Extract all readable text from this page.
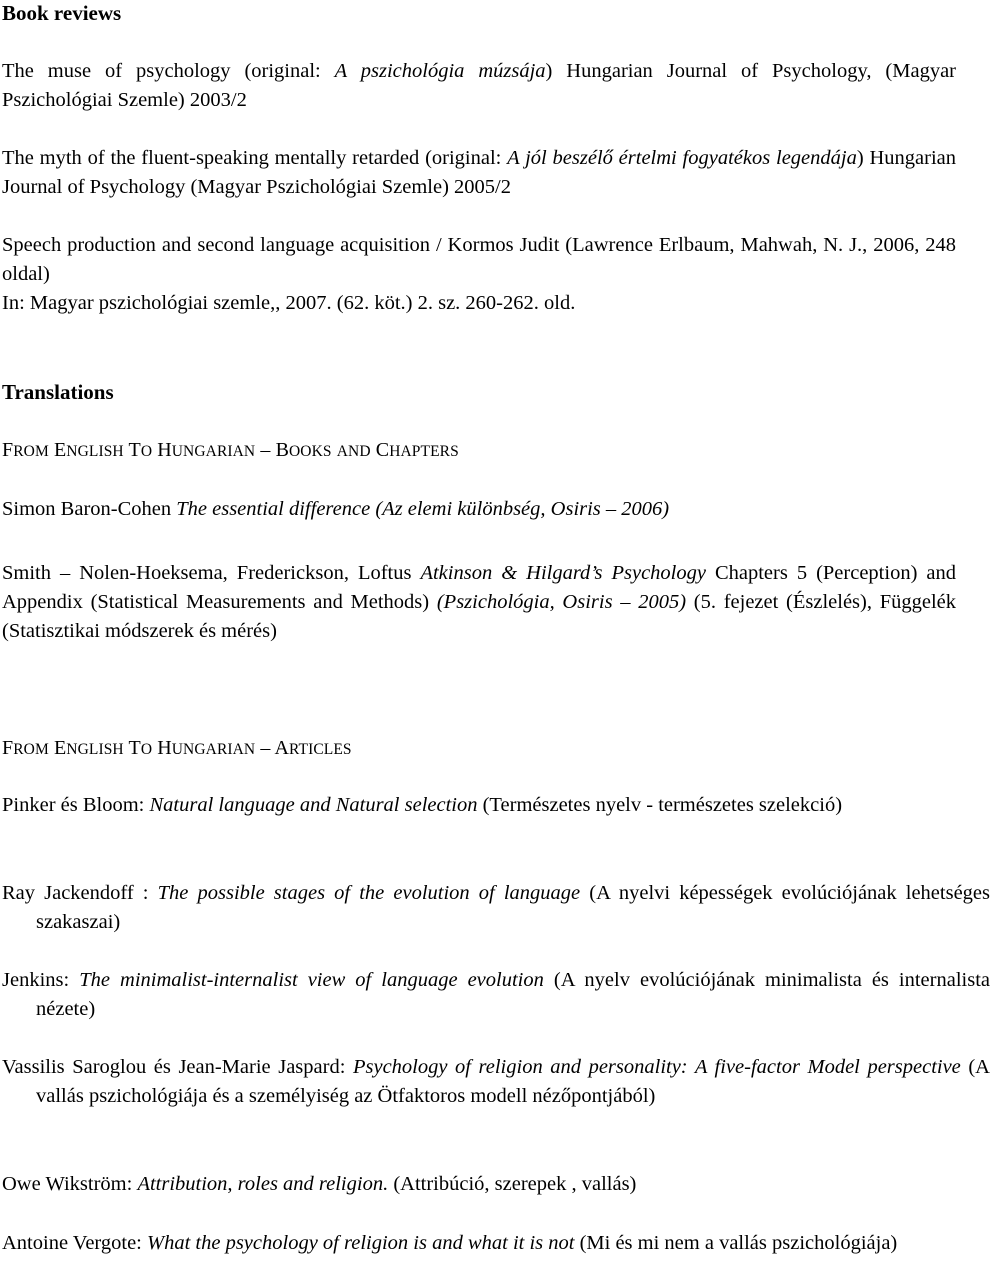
Book reviews
The muse of psychology (original: A pszichológia múzsája) Hungarian Journal of Psychology, (Magyar Pszichológiai Szemle) 2003/2
The myth of the fluent-speaking mentally retarded (original: A jól beszélő értelmi fogyatékos legendája) Hungarian Journal of Psychology (Magyar Pszichológiai Szemle) 2005/2
Speech production and second language acquisition / Kormos Judit (Lawrence Erlbaum, Mahwah, N. J., 2006, 248 oldal)
In: Magyar pszichológiai szemle,, 2007. (62. köt.) 2. sz. 260-262. old.
Translations
FROM ENGLISH TO HUNGARIAN – BOOKS AND CHAPTERS
Simon Baron-Cohen The essential difference (Az elemi különbség, Osiris – 2006)
Smith – Nolen-Hoeksema, Frederickson, Loftus Atkinson & Hilgard’s Psychology Chapters 5 (Perception) and Appendix (Statistical Measurements and Methods) (Pszichológia, Osiris – 2005) (5. fejezet (Észlelés), Függelék (Statisztikai módszerek és mérés)
FROM ENGLISH TO HUNGARIAN – ARTICLES
Pinker és Bloom: Natural language and Natural selection (Természetes nyelv - természetes szelekció)
Ray Jackendoff : The possible stages of the evolution of language (A nyelvi képességek evolúciójának lehetséges szakaszai)
Jenkins: The minimalist-internalist view of language evolution (A nyelv evolúciójának minimalista és internalista nézete)
Vassilis Saroglou és Jean-Marie Jaspard: Psychology of religion and personality: A five-factor Model perspective (A vallás pszichológiája és a személyiség az Ötfaktoros modell nézőpontjából)
Owe Wikström: Attribution, roles and religion. (Attribúció, szerepek , vallás)
Antoine Vergote: What the psychology of religion is and what it is not (Mi és mi nem a vallás pszichológiája)
